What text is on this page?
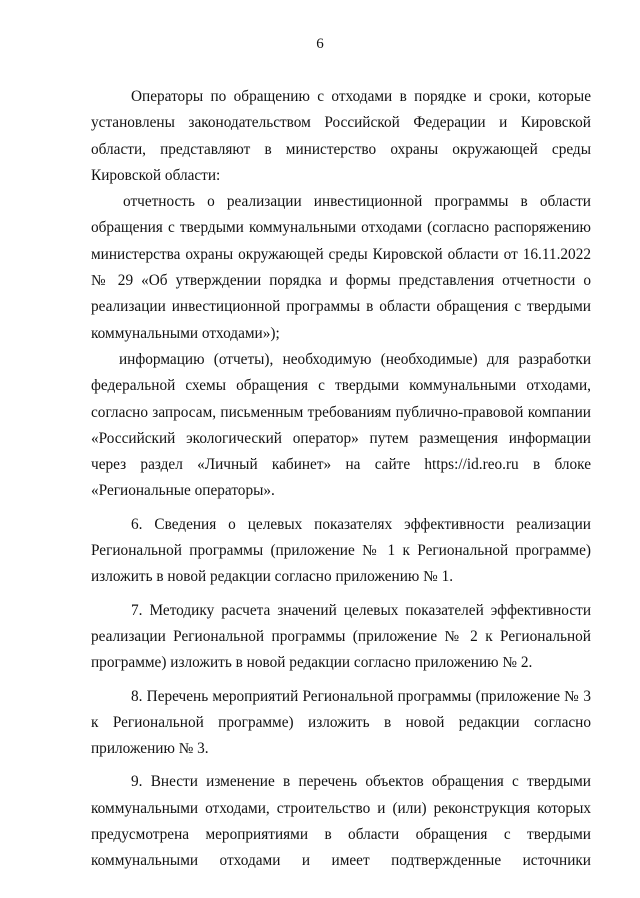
6

Операторы по обращению с отходами в порядке и сроки, которые установлены законодательством Российской Федерации и Кировской области, представляют в министерство охраны окружающей среды Кировской области:

отчетность о реализации инвестиционной программы в области обращения с твердыми коммунальными отходами (согласно распоряжению министерства охраны окружающей среды Кировской области от 16.11.2022 № 29 «Об утверждении порядка и формы представления отчетности о реализации инвестиционной программы в области обращения с твердыми коммунальными отходами»);

информацию (отчеты), необходимую (необходимые) для разработки федеральной схемы обращения с твердыми коммунальными отходами, согласно запросам, письменным требованиям публично-правовой компании «Российский экологический оператор» путем размещения информации через раздел «Личный кабинет» на сайте https://id.reo.ru в блоке «Региональные операторы».

6. Сведения о целевых показателях эффективности реализации Региональной программы (приложение № 1 к Региональной программе) изложить в новой редакции согласно приложению № 1.

7. Методику расчета значений целевых показателей эффективности реализации Региональной программы (приложение № 2 к Региональной программе) изложить в новой редакции согласно приложению № 2.

8. Перечень мероприятий Региональной программы (приложение № 3 к Региональной программе) изложить в новой редакции согласно приложению № 3.

9. Внести изменение в перечень объектов обращения с твердыми коммунальными отходами, строительство и (или) реконструкция которых предусмотрена мероприятиями в области обращения с твердыми коммунальными отходами и имеет подтвержденные источники
